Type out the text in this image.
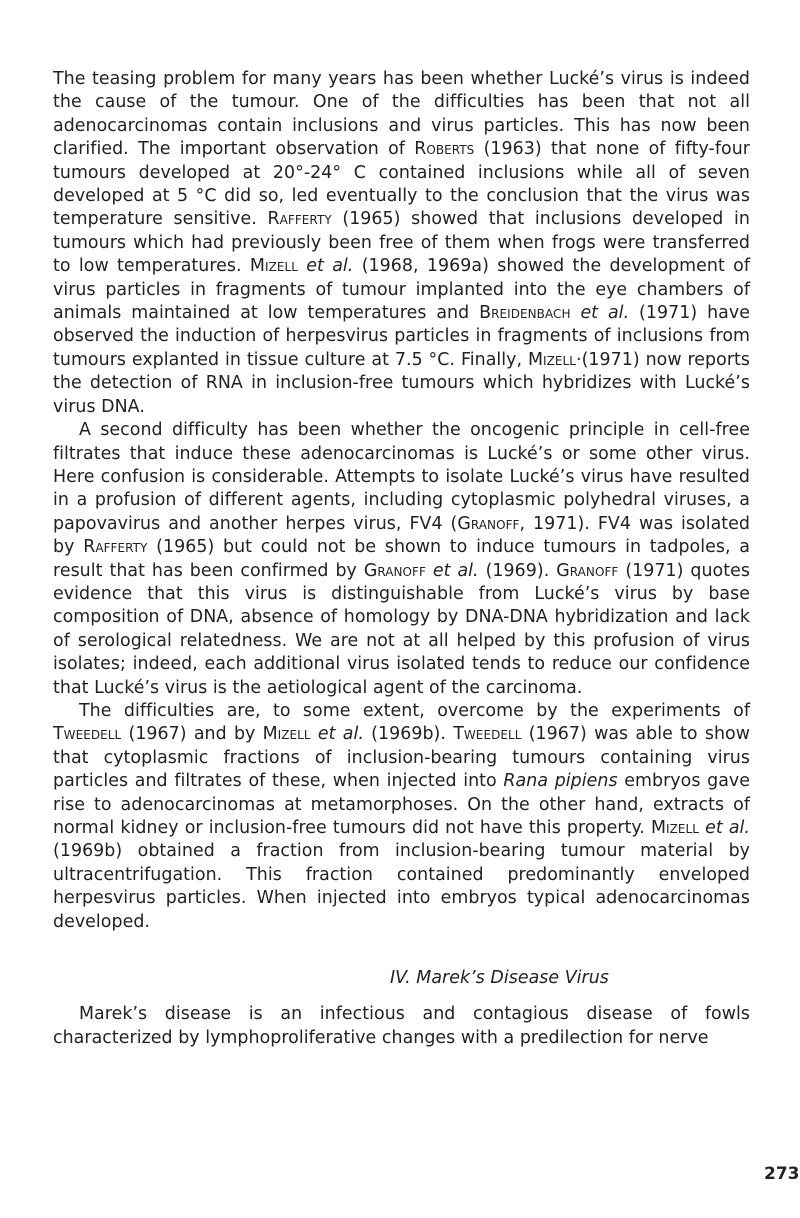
The teasing problem for many years has been whether Lucké’s virus is indeed the cause of the tumour. One of the difficulties has been that not all adenocarcinomas contain inclusions and virus particles. This has now been clarified. The important observation of Roberts (1963) that none of fifty-four tumours developed at 20°-24° C contained inclusions while all of seven developed at 5 °C did so, led eventually to the conclusion that the virus was temperature sensitive. Rafferty (1965) showed that inclusions developed in tumours which had previously been free of them when frogs were transferred to low temperatures. Mizell et al. (1968, 1969a) showed the development of virus particles in fragments of tumour implanted into the eye chambers of animals maintained at low temperatures and Breidenbach et al. (1971) have observed the induction of herpesvirus particles in fragments of inclusions from tumours explanted in tissue culture at 7.5 °C. Finally, Mizell·(1971) now reports the detection of RNA in inclusion-free tumours which hybridizes with Lucké’s virus DNA.

A second difficulty has been whether the oncogenic principle in cell-free filtrates that induce these adenocarcinomas is Lucké’s or some other virus. Here confusion is considerable. Attempts to isolate Lucké’s virus have resulted in a profusion of different agents, including cytoplasmic polyhedral viruses, a papovavirus and another herpes virus, FV4 (Granoff, 1971). FV4 was isolated by Rafferty (1965) but could not be shown to induce tumours in tadpoles, a result that has been confirmed by Granoff et al. (1969). Granoff (1971) quotes evidence that this virus is distinguishable from Lucké’s virus by base composition of DNA, absence of homology by DNA-DNA hybridization and lack of serological relatedness. We are not at all helped by this profusion of virus isolates; indeed, each additional virus isolated tends to reduce our confidence that Lucké’s virus is the aetiological agent of the carcinoma.

The difficulties are, to some extent, overcome by the experiments of Tweedell (1967) and by Mizell et al. (1969b). Tweedell (1967) was able to show that cytoplasmic fractions of inclusion-bearing tumours containing virus particles and filtrates of these, when injected into Rana pipiens embryos gave rise to adenocarcinomas at metamorphoses. On the other hand, extracts of normal kidney or inclusion-free tumours did not have this property. Mizell et al. (1969b) obtained a fraction from inclusion-bearing tumour material by ultracentrifugation. This fraction contained predominantly enveloped herpesvirus particles. When injected into embryos typical adenocarcinomas developed.

IV. Marek’s Disease Virus

Marek’s disease is an infectious and contagious disease of fowls characterized by lymphoproliferative changes with a predilection for nerve

273
